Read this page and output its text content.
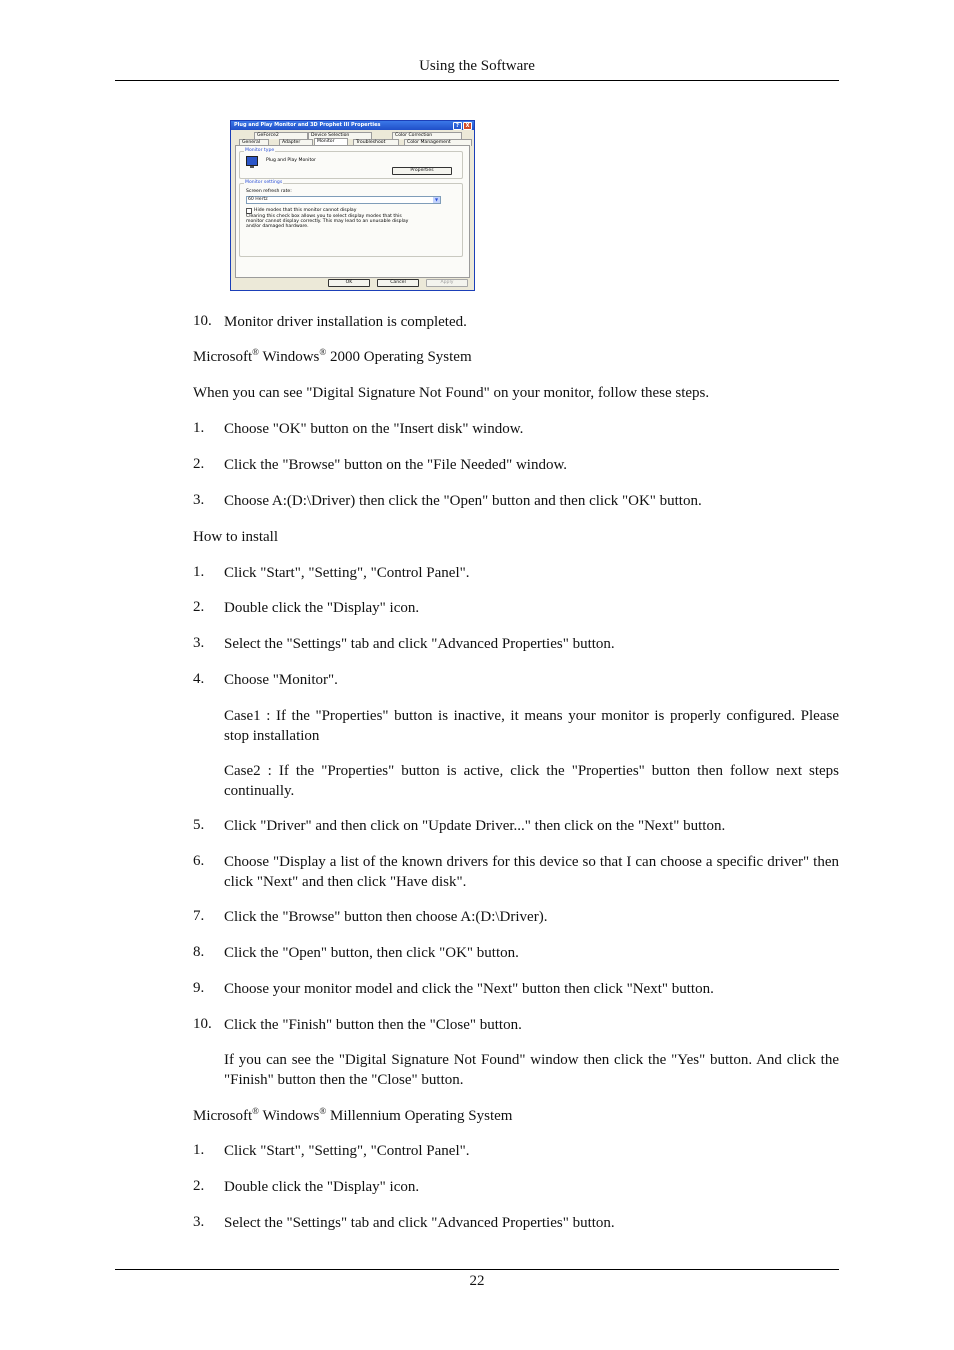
Using the Software
Plug and Play Monitor and 3D Prophet III Properties	? X
GeForce2	Device Selection	Color Correction
General	Adapter	Monitor	Troubleshoot	Color Management
Monitor type
Plug and Play Monitor
Properties
Monitor settings
Screen refresh rate:
60 Hertz	▼
Hide modes that this monitor cannot display
Clearing this check box allows you to select display modes that this
monitor cannot display correctly. This may lead to an unusable display
and/or damaged hardware.
OK	Cancel	Apply
10. Monitor driver installation is completed.
Microsoft® Windows® 2000 Operating System
When you can see "Digital Signature Not Found" on your monitor, follow these steps.
1. Choose "OK" button on the "Insert disk" window.
2. Click the "Browse" button on the "File Needed" window.
3. Choose A:(D:\Driver) then click the "Open" button and then click "OK" button.
How to install
1. Click "Start", "Setting", "Control Panel".
2. Double click the "Display" icon.
3. Select the "Settings" tab and click "Advanced Properties" button.
4. Choose "Monitor".
Case1 : If the "Properties" button is inactive, it means your monitor is properly configured. Please stop installation
Case2 : If the "Properties" button is active, click the "Properties" button then follow next steps continually.
5. Click "Driver" and then click on "Update Driver..." then click on the "Next" button.
6. Choose "Display a list of the known drivers for this device so that I can choose a specific driver" then click "Next" and then click "Have disk".
7. Click the "Browse" button then choose A:(D:\Driver).
8. Click the "Open" button, then click "OK" button.
9. Choose your monitor model and click the "Next" button then click "Next" button.
10. Click the "Finish" button then the "Close" button.
If you can see the "Digital Signature Not Found" window then click the "Yes" button. And click the "Finish" button then the "Close" button.
Microsoft® Windows® Millennium Operating System
1. Click "Start", "Setting", "Control Panel".
2. Double click the "Display" icon.
3. Select the "Settings" tab and click "Advanced Properties" button.
22
